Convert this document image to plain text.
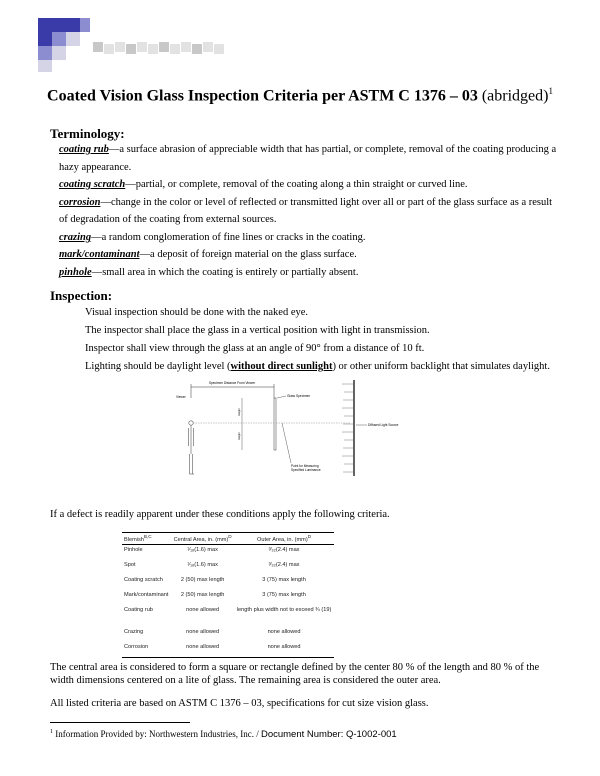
Coated Vision Glass Inspection Criteria per ASTM C 1376 – 03 (abridged)$^1$
Terminology:
coating rub—a surface abrasion of appreciable width that has partial, or complete, removal of the coating producing a hazy appearance.
coating scratch—partial, or complete, removal of the coating along a thin straight or curved line.
corrosion—change in the color or level of reflected or transmitted light over all or part of the glass surface as a result of degradation of the coating from external sources.
crazing—a random conglomeration of fine lines or cracks in the coating.
mark/contaminant—a deposit of foreign material on the glass surface.
pinhole—small area in which the coating is entirely or partially absent.
Inspection:
Visual inspection should be done with the naked eye.
The inspector shall place the glass in a vertical position with light in transmission.
Inspector shall view through the glass at an angle of 90° from a distance of 10 ft.
Lighting should be daylight level (without direct sunlight) or other uniform backlight that simulates daylight.
Specimen Distance From Viewer
Viewer
Height
Height
Glass Specimen
Point for Measuring
Specified Luminance
Diffused Light Source
If a defect is readily apparent under these conditions apply the following criteria.
Blemish$^{B,C}$	Central Area, in. (mm)$^D$	Outer Area, in. (mm)$^D$
Pinhole	¹⁄₁₆(1.6) max	³⁄₃₂(2.4) max
Spot	¹⁄₁₆(1.6) max	³⁄₃₂(2.4) max
Coating scratch	2 (50) max length	3 (75) max length
Mark/contaminant	2 (50) max length	3 (75) max length
Coating rub	none allowed	length plus width not to exceed ¾ (19)
Crazing	none allowed	none allowed
Corrosion	none allowed	none allowed
The central area is considered to form a square or rectangle defined by the center 80 % of the length and 80 % of the width dimensions centered on a lite of glass. The remaining area is considered the outer area.
All listed criteria are based on ASTM C 1376 – 03, specifications for cut size vision glass.
$^1$ Information Provided by: Northwestern Industries, Inc. / Document Number: Q-1002-001
